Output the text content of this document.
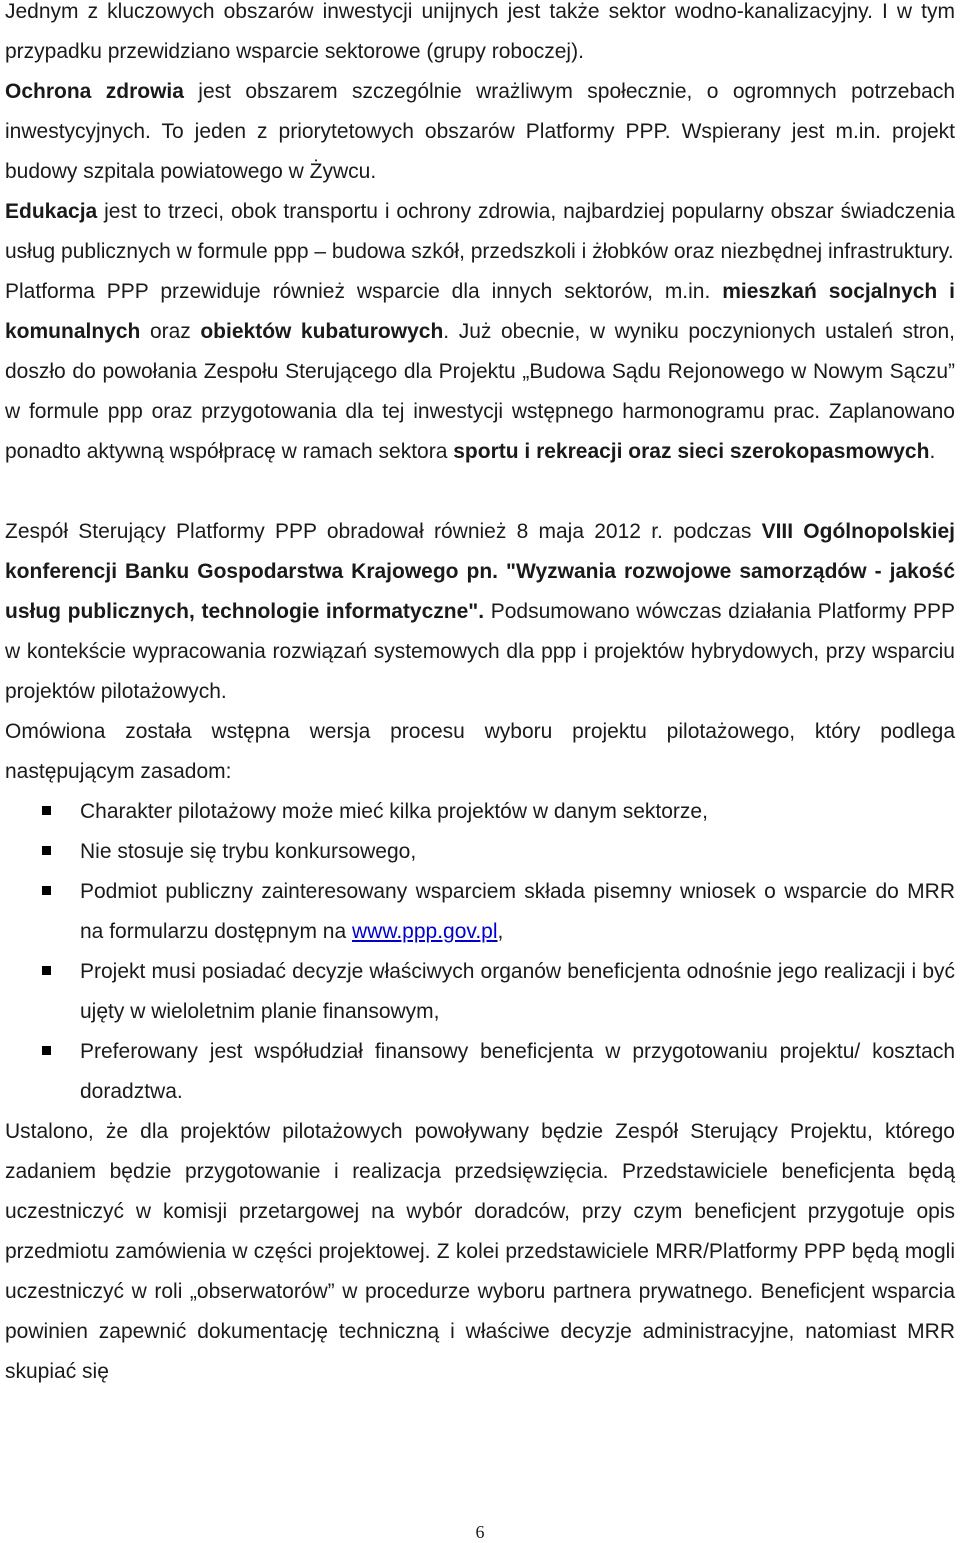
Jednym z kluczowych obszarów inwestycji unijnych jest także sektor wodno-kanalizacyjny. I w tym przypadku przewidziano wsparcie sektorowe (grupy roboczej).

Ochrona zdrowia jest obszarem szczególnie wrażliwym społecznie, o ogromnych potrzebach inwestycyjnych. To jeden z priorytetowych obszarów Platformy PPP. Wspierany jest m.in. projekt budowy szpitala powiatowego w Żywcu.

Edukacja jest to trzeci, obok transportu i ochrony zdrowia, najbardziej popularny obszar świadczenia usług publicznych w formule ppp – budowa szkół, przedszkoli i żłobków oraz niezbędnej infrastruktury.

Platforma PPP przewiduje również wsparcie dla innych sektorów, m.in. mieszkań socjalnych i komunalnych oraz obiektów kubaturowych. Już obecnie, w wyniku poczynionych ustaleń stron, doszło do powołania Zespołu Sterującego dla Projektu „Budowa Sądu Rejonowego w Nowym Sączu” w formule ppp oraz przygotowania dla tej inwestycji wstępnego harmonogramu prac. Zaplanowano ponadto aktywną współpracę w ramach sektora sportu i rekreacji oraz sieci szerokopasmowych.

Zespół Sterujący Platformy PPP obradował również 8 maja 2012 r. podczas VIII Ogólnopolskiej konferencji Banku Gospodarstwa Krajowego pn. "Wyzwania rozwojowe samorządów - jakość usług publicznych, technologie informatyczne". Podsumowano wówczas działania Platformy PPP w kontekście wypracowania rozwiązań systemowych dla ppp i projektów hybrydowych, przy wsparciu projektów pilotażowych.

Omówiona została wstępna wersja procesu wyboru projektu pilotażowego, który podlega następującym zasadom:

Charakter pilotażowy może mieć kilka projektów w danym sektorze,
Nie stosuje się trybu konkursowego,
Podmiot publiczny zainteresowany wsparciem składa pisemny wniosek o wsparcie do MRR na formularzu dostępnym na www.ppp.gov.pl,
Projekt musi posiadać decyzje właściwych organów beneficjenta odnośnie jego realizacji i być ujęty w wieloletnim planie finansowym,
Preferowany jest współudział finansowy beneficjenta w przygotowaniu projektu/ kosztach doradztwa.

Ustalono, że dla projektów pilotażowych powoływany będzie Zespół Sterujący Projektu, którego zadaniem będzie przygotowanie i realizacja przedsięwzięcia. Przedstawiciele beneficjenta będą uczestniczyć w komisji przetargowej na wybór doradców, przy czym beneficjent przygotuje opis przedmiotu zamówienia w części projektowej. Z kolei przedstawiciele MRR/Platformy PPP będą mogli uczestniczyć w roli „obserwatorów” w procedurze wyboru partnera prywatnego. Beneficjent wsparcia powinien zapewnić dokumentację techniczną i właściwe decyzje administracyjne, natomiast MRR skupiać się

6
